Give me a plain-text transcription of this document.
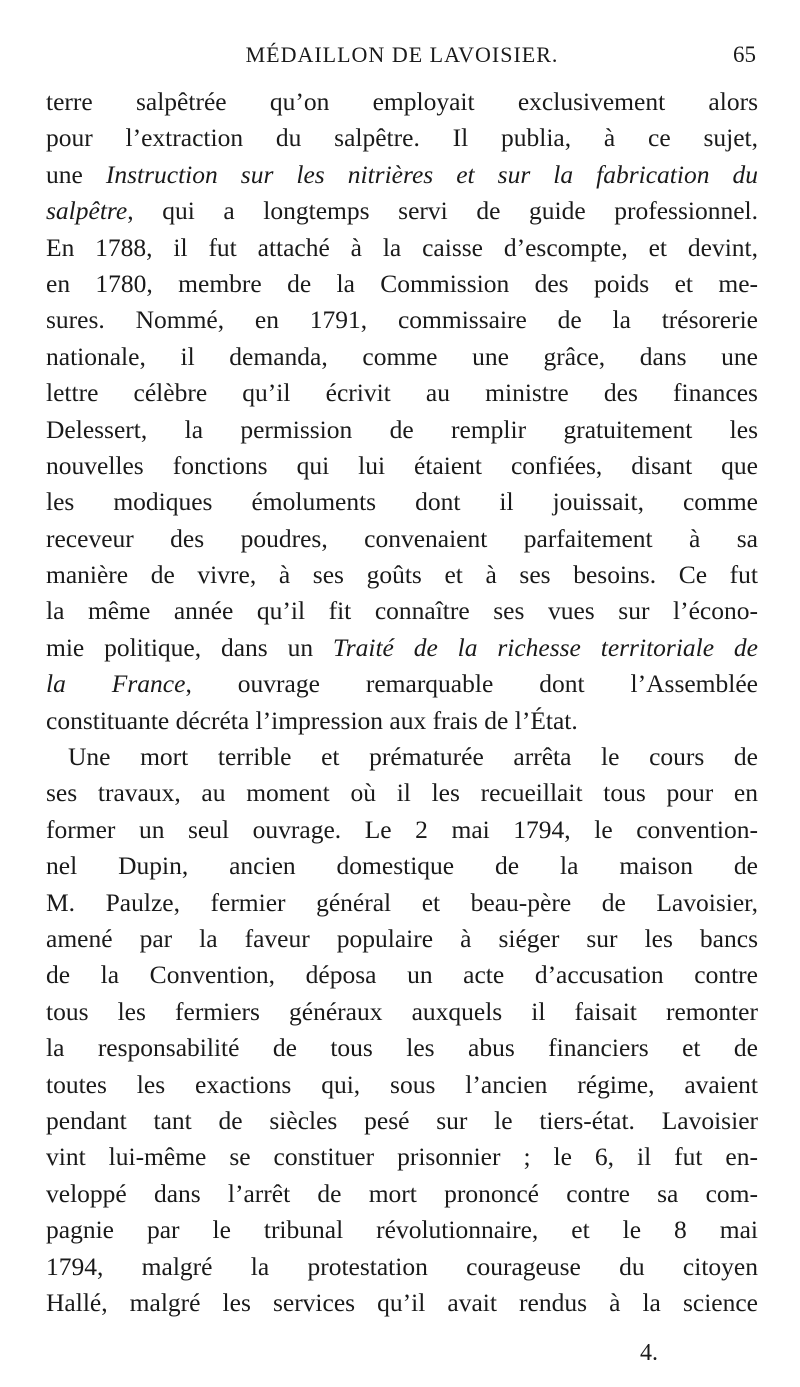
MÉDAILLON DE LAVOISIER.	65
terre salpêtrée qu’on employait exclusivement alors
pour l’extraction du salpêtre. Il publia, à ce sujet,
une Instruction sur les nitrières et sur la fabrication du
salpêtre, qui a longtemps servi de guide professionnel.
En 1788, il fut attaché à la caisse d’escompte, et devint,
en 1780, membre de la Commission des poids et me-
sures. Nommé, en 1791, commissaire de la trésorerie
nationale, il demanda, comme une grâce, dans une
lettre célèbre qu’il écrivit au ministre des finances
Delessert, la permission de remplir gratuitement les
nouvelles fonctions qui lui étaient confiées, disant que
les modiques émoluments dont il jouissait, comme
receveur des poudres, convenaient parfaitement à sa
manière de vivre, à ses goûts et à ses besoins. Ce fut
la même année qu’il fit connaître ses vues sur l’écono-
mie politique, dans un Traité de la richesse territoriale de
la France, ouvrage remarquable dont l’Assemblée
constituante décréta l’impression aux frais de l’État.
Une mort terrible et prématurée arrêta le cours de
ses travaux, au moment où il les recueillait tous pour en
former un seul ouvrage. Le 2 mai 1794, le convention-
nel Dupin, ancien domestique de la maison de
M. Paulze, fermier général et beau-père de Lavoisier,
amené par la faveur populaire à siéger sur les bancs
de la Convention, déposa un acte d’accusation contre
tous les fermiers généraux auxquels il faisait remonter
la responsabilité de tous les abus financiers et de
toutes les exactions qui, sous l’ancien régime, avaient
pendant tant de siècles pesé sur le tiers-état. Lavoisier
vint lui-même se constituer prisonnier ; le 6, il fut en-
veloppé dans l’arrêt de mort prononcé contre sa com-
pagnie par le tribunal révolutionnaire, et le 8 mai
1794, malgré la protestation courageuse du citoyen
Hallé, malgré les services qu’il avait rendus à la science
4.
